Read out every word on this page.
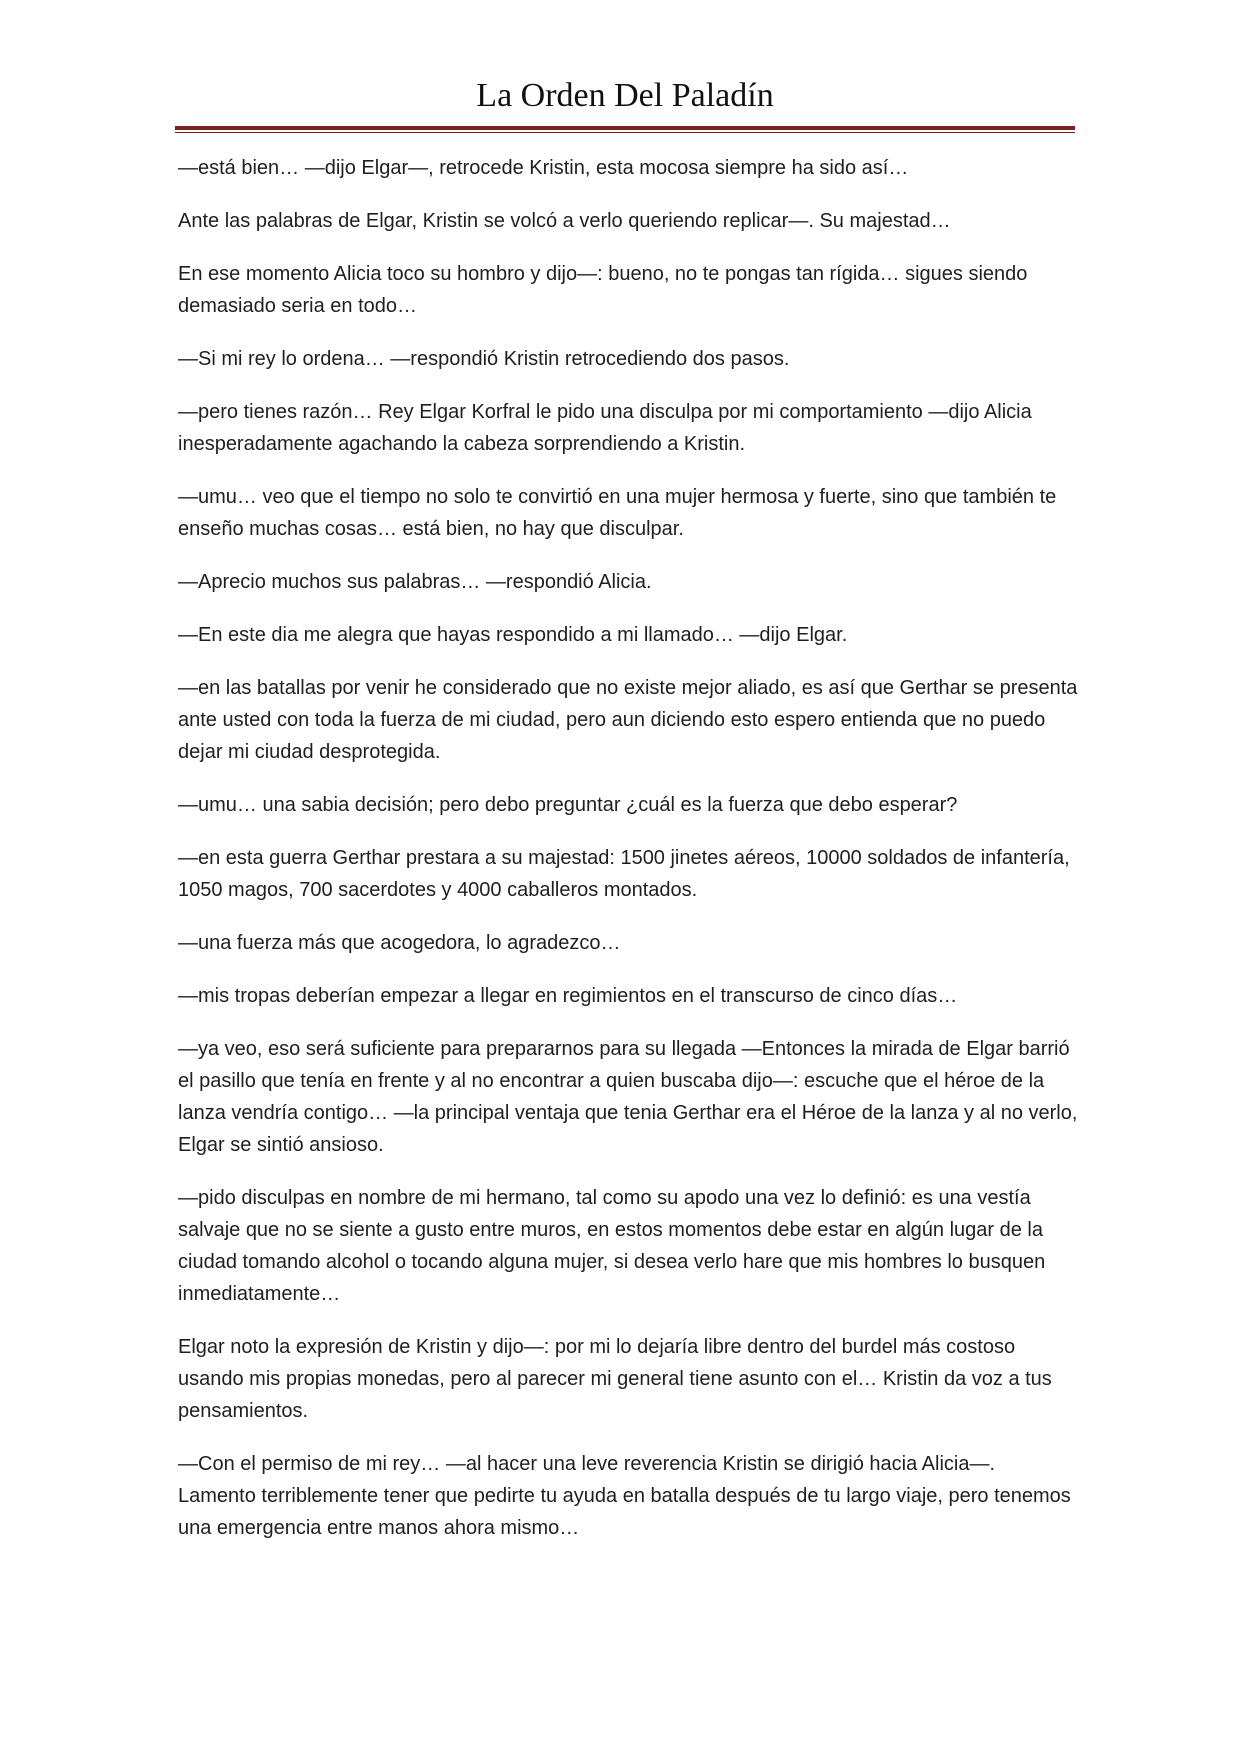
La Orden Del Paladín

—está bien… —dijo Elgar—, retrocede Kristin, esta mocosa siempre ha sido así…

Ante las palabras de Elgar, Kristin se volcó a verlo queriendo replicar—. Su majestad…

En ese momento Alicia toco su hombro y dijo—: bueno, no te pongas tan rígida… sigues siendo demasiado seria en todo…

—Si mi rey lo ordena… —respondió Kristin retrocediendo dos pasos.

—pero tienes razón… Rey Elgar Korfral le pido una disculpa por mi comportamiento —dijo Alicia inesperadamente agachando la cabeza sorprendiendo a Kristin.

—umu… veo que el tiempo no solo te convirtió en una mujer hermosa y fuerte, sino que también te enseño muchas cosas… está bien, no hay que disculpar.

—Aprecio muchos sus palabras… —respondió Alicia.

—En este dia me alegra que hayas respondido a mi llamado… —dijo Elgar.

—en las batallas por venir he considerado que no existe mejor aliado, es así que Gerthar se presenta ante usted con toda la fuerza de mi ciudad, pero aun diciendo esto espero entienda que no puedo dejar mi ciudad desprotegida.

—umu… una sabia decisión; pero debo preguntar ¿cuál es la fuerza que debo esperar?

—en esta guerra Gerthar prestara a su majestad: 1500 jinetes aéreos, 10000 soldados de infantería, 1050 magos, 700 sacerdotes y 4000 caballeros montados.

—una fuerza más que acogedora, lo agradezco…

—mis tropas deberían empezar a llegar en regimientos en el transcurso de cinco días…

—ya veo, eso será suficiente para prepararnos para su llegada —Entonces la mirada de Elgar barrió el pasillo que tenía en frente y al no encontrar a quien buscaba dijo—: escuche que el héroe de la lanza vendría contigo… —la principal ventaja que tenia Gerthar era el Héroe de la lanza y al no verlo, Elgar se sintió ansioso.

—pido disculpas en nombre de mi hermano, tal como su apodo una vez lo definió: es una vestía salvaje que no se siente a gusto entre muros, en estos momentos debe estar en algún lugar de la ciudad tomando alcohol o tocando alguna mujer, si desea verlo hare que mis hombres lo busquen inmediatamente…

Elgar noto la expresión de Kristin y dijo—: por mi lo dejaría libre dentro del burdel más costoso usando mis propias monedas, pero al parecer mi general tiene asunto con el… Kristin da voz a tus pensamientos.

—Con el permiso de mi rey… —al hacer una leve reverencia Kristin se dirigió hacia Alicia—. Lamento terriblemente tener que pedirte tu ayuda en batalla después de tu largo viaje, pero tenemos una emergencia entre manos ahora mismo…
